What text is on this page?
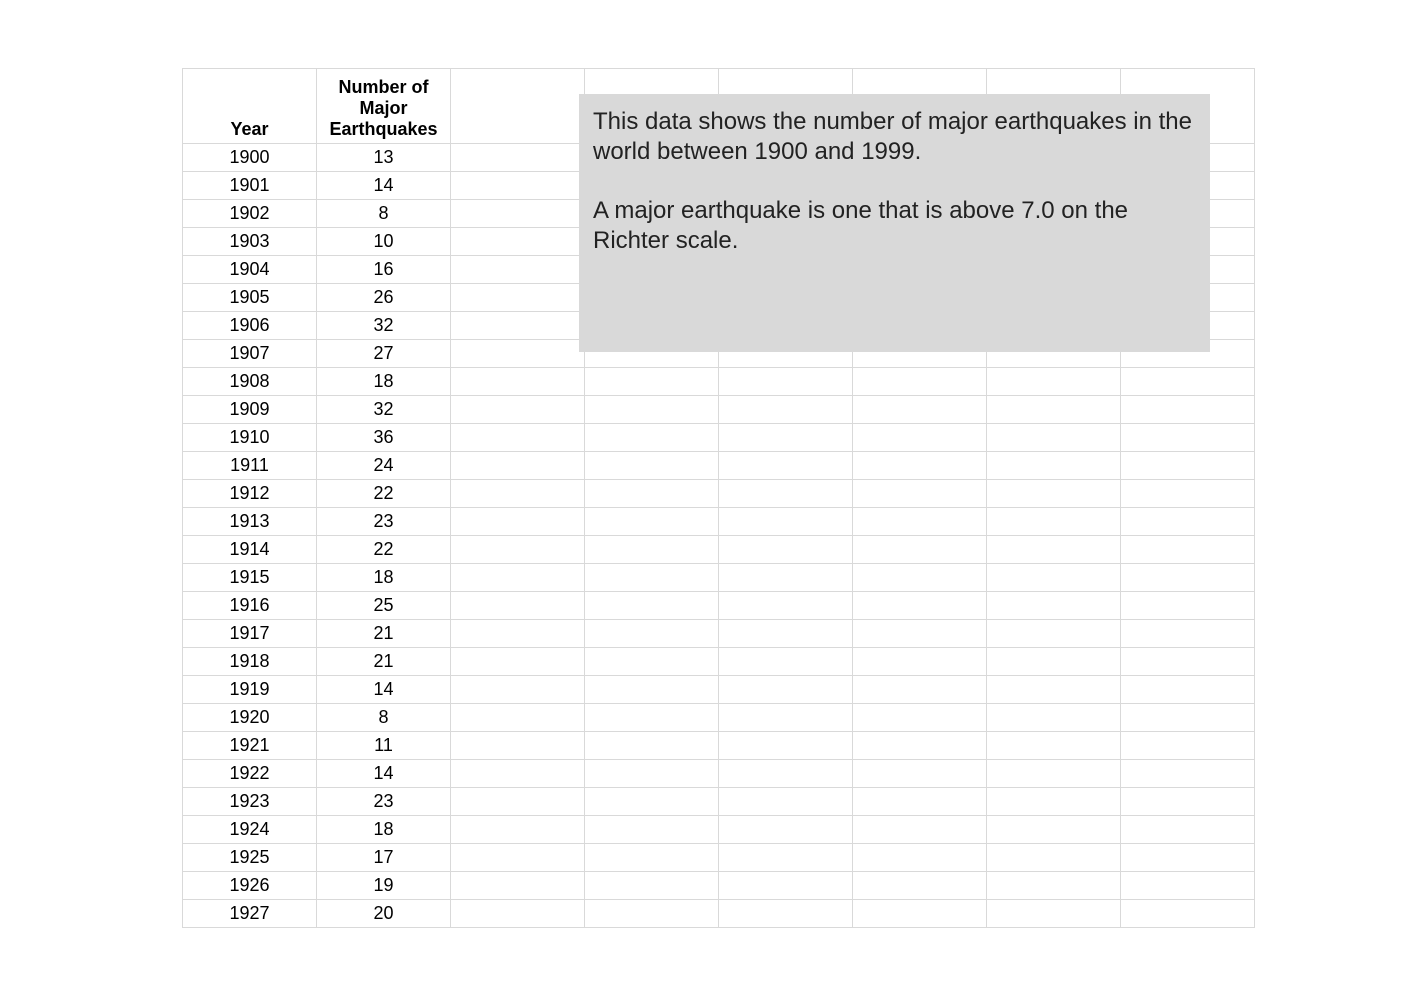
Year	Number of Major Earthquakes						
1900	13						
1901	14						
1902	8						
1903	10						
1904	16						
1905	26						
1906	32						
1907	27						
1908	18						
1909	32						
1910	36						
1911	24						
1912	22						
1913	23						
1914	22						
1915	18						
1916	25						
1917	21						
1918	21						
1919	14						
1920	8						
1921	11						
1922	14						
1923	23						
1924	18						
1925	17						
1926	19						
1927	20						

This data shows the number of major earthquakes in the world between 1900 and 1999.

A major earthquake is one that is above 7.0 on the Richter scale.
